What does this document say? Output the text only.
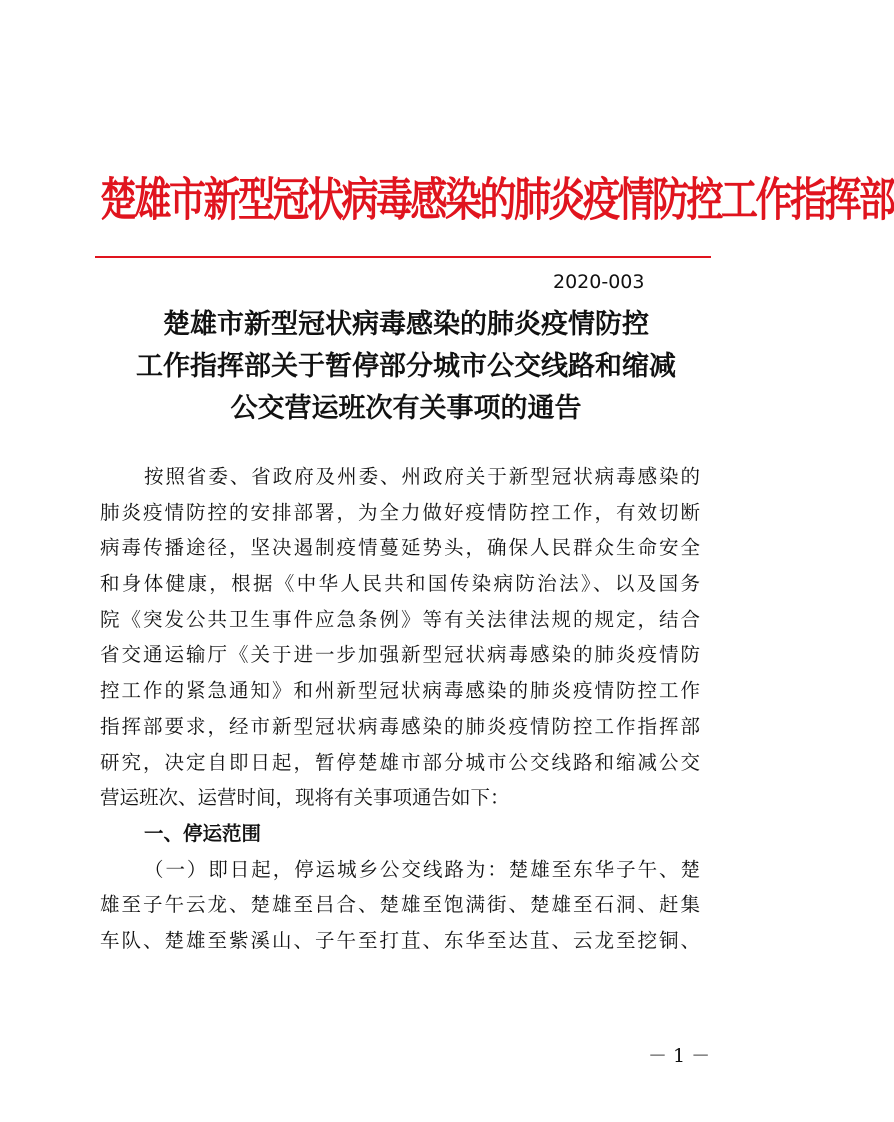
楚雄市新型冠状病毒感染的肺炎疫情防控工作指挥部
2020-003
楚雄市新型冠状病毒感染的肺炎疫情防控
工作指挥部关于暂停部分城市公交线路和缩减
公交营运班次有关事项的通告
按照省委、省政府及州委、州政府关于新型冠状病毒感染的
肺炎疫情防控的安排部署，为全力做好疫情防控工作，有效切断
病毒传播途径，坚决遏制疫情蔓延势头，确保人民群众生命安全
和身体健康，根据《中华人民共和国传染病防治法》、以及国务
院《突发公共卫生事件应急条例》等有关法律法规的规定，结合
省交通运输厅《关于进一步加强新型冠状病毒感染的肺炎疫情防
控工作的紧急通知》和州新型冠状病毒感染的肺炎疫情防控工作
指挥部要求，经市新型冠状病毒感染的肺炎疫情防控工作指挥部
研究，决定自即日起，暂停楚雄市部分城市公交线路和缩减公交
营运班次、运营时间，现将有关事项通告如下：
一、停运范围
（一）即日起，停运城乡公交线路为：楚雄至东华子午、楚
雄至子午云龙、楚雄至吕合、楚雄至饱满街、楚雄至石洞、赶集
车队、楚雄至紫溪山、子午至打苴、东华至达苴、云龙至挖铜、
－ 1 －
